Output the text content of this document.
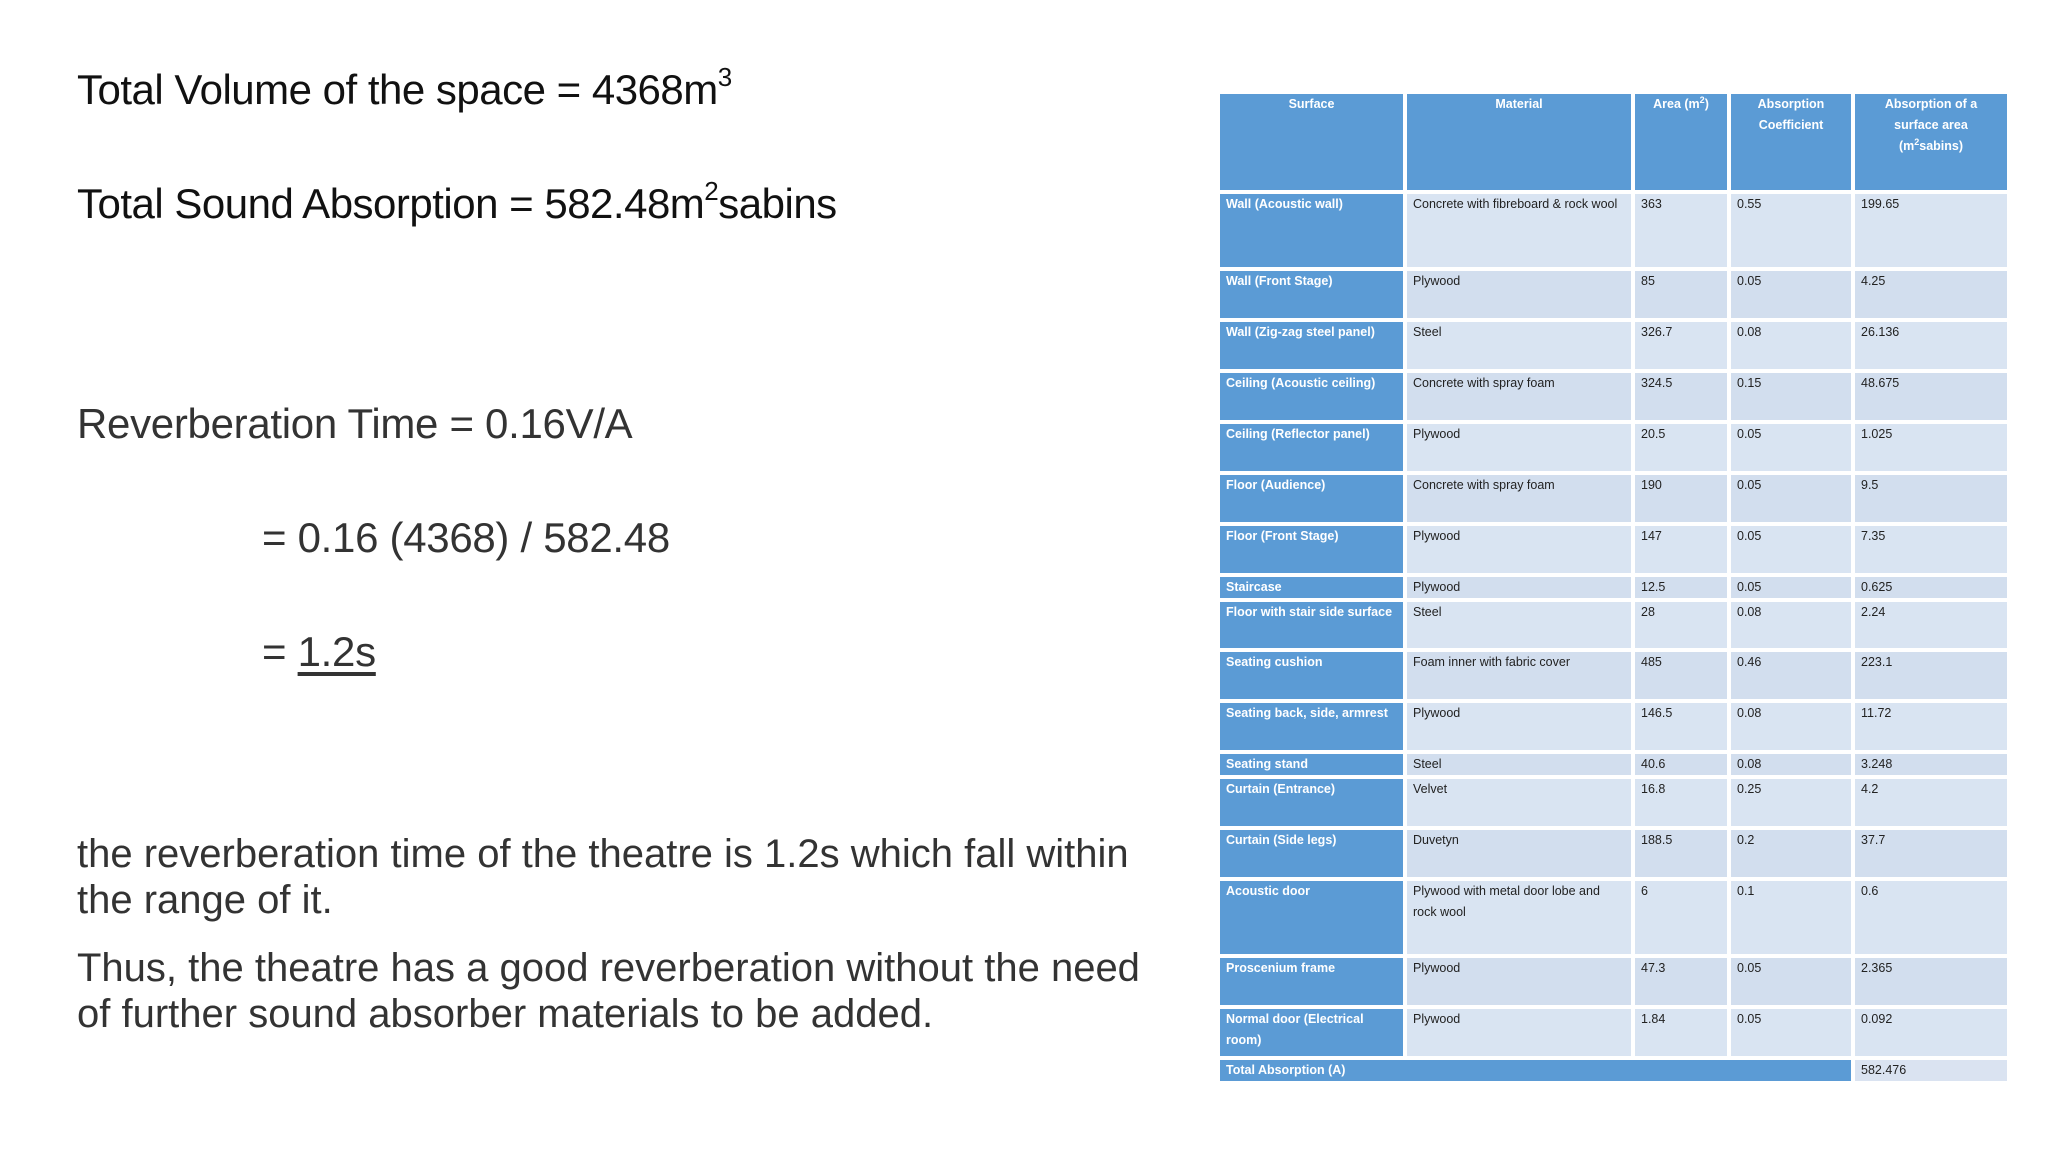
Total Volume of the space = $4368m^3$
Total Sound Absorption = $582.48m^2sabins$
Reverberation Time = 0.16V/A
= 0.16 (4368) / 582.48
= 1.2s
the reverberation time of the theatre is 1.2s which fall within the range of it.
Thus, the theatre has a good reverberation without the need of further sound absorber materials to be added.
Surface	Material	Area $(m^2)$	Absorption Coefficient	Absorption of a surface area $(m^2sabins)$
Wall (Acoustic wall)	Concrete with fibreboard & rock wool	363	0.55	199.65
Wall (Front Stage)	Plywood	85	0.05	4.25
Wall (Zig-zag steel panel)	Steel	326.7	0.08	26.136
Ceiling (Acoustic ceiling)	Concrete with spray foam	324.5	0.15	48.675
Ceiling (Reflector panel)	Plywood	20.5	0.05	1.025
Floor (Audience)	Concrete with spray foam	190	0.05	9.5
Floor (Front Stage)	Plywood	147	0.05	7.35
Staircase	Plywood	12.5	0.05	0.625
Floor with stair side surface	Steel	28	0.08	2.24
Seating cushion	Foam inner with fabric cover	485	0.46	223.1
Seating back, side, armrest	Plywood	146.5	0.08	11.72
Seating stand	Steel	40.6	0.08	3.248
Curtain (Entrance)	Velvet	16.8	0.25	4.2
Curtain (Side legs)	Duvetyn	188.5	0.2	37.7
Acoustic door	Plywood with metal door lobe and rock wool	6	0.1	0.6
Proscenium frame	Plywood	47.3	0.05	2.365
Normal door (Electrical room)	Plywood	1.84	0.05	0.092
Total Absorption (A)				582.476
